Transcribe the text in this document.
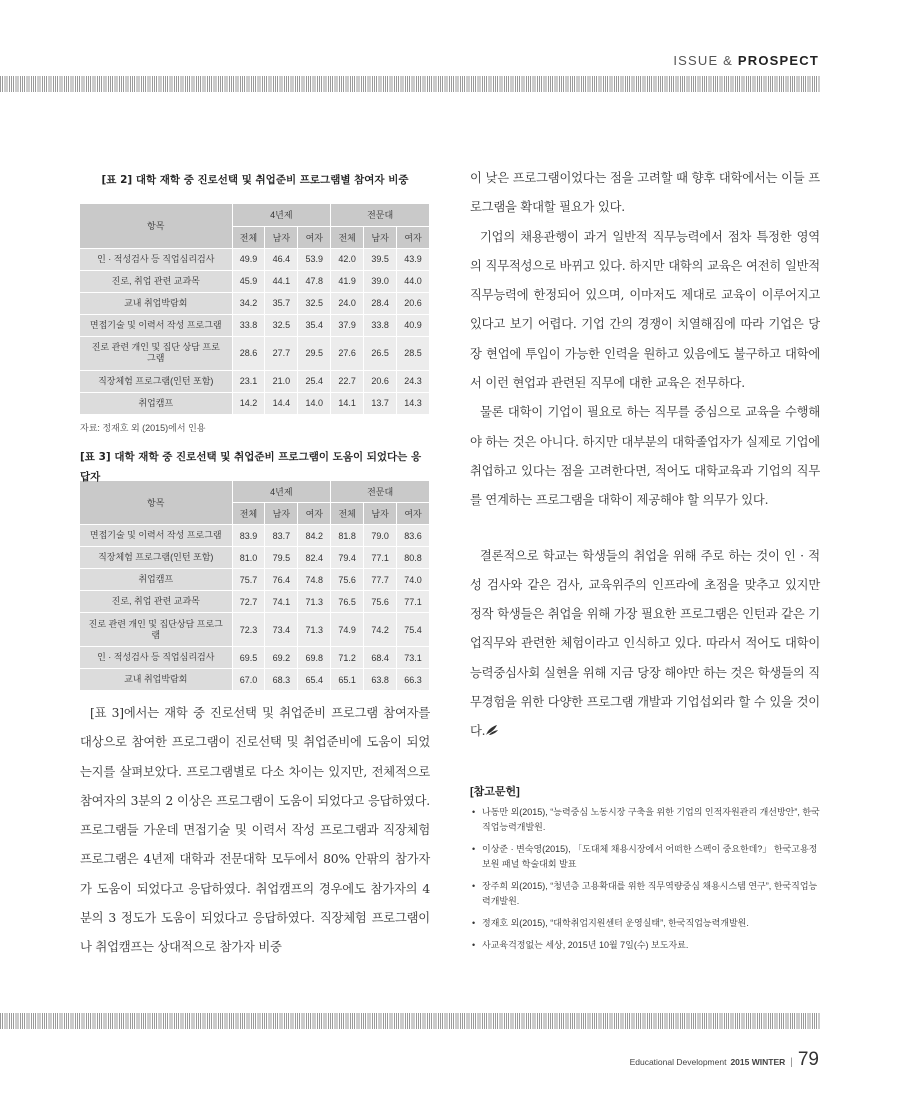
ISSUE & PROSPECT
[표 2] 대학 재학 중 진로선택 및 취업준비 프로그램별 참여자 비중
항목	4년제			전문대		
	전체	남자	여자	전체	남자	여자
인 · 적성검사 등 직업심리검사	49.9	46.4	53.9	42.0	39.5	43.9
진로, 취업 관련 교과목	45.9	44.1	47.8	41.9	39.0	44.0
교내 취업박람회	34.2	35.7	32.5	24.0	28.4	20.6
면접기술 및 이력서 작성 프로그램	33.8	32.5	35.4	37.9	33.8	40.9
진로 관련 개인 및 집단 상담 프로그램	28.6	27.7	29.5	27.6	26.5	28.5
직장체험 프로그램(인턴 포함)	23.1	21.0	25.4	22.7	20.6	24.3
취업캠프	14.2	14.4	14.0	14.1	13.7	14.3
자료: 정재호 외 (2015)에서 인용
[표 3] 대학 재학 중 진로선택 및 취업준비 프로그램이 도움이 되었다는 응답자
항목	4년제			전문대		
	전체	남자	여자	전체	남자	여자
면접기술 및 이력서 작성 프로그램	83.9	83.7	84.2	81.8	79.0	83.6
직장체험 프로그램(인턴 포함)	81.0	79.5	82.4	79.4	77.1	80.8
취업캠프	75.7	76.4	74.8	75.6	77.7	74.0
진로, 취업 관련 교과목	72.7	74.1	71.3	76.5	75.6	77.1
진로 관련 개인 및 집단상담 프로그램	72.3	73.4	71.3	74.9	74.2	75.4
인 · 적성검사 등 직업심리검사	69.5	69.2	69.8	71.2	68.4	73.1
교내 취업박람회	67.0	68.3	65.4	65.1	63.8	66.3

[표 3]에서는 재학 중 진로선택 및 취업준비 프로그램 참여자를 대상으로 참여한 프로그램이 진로선택 및 취업준비에 도움이 되었는지를 살펴보았다. 프로그램별로 다소 차이는 있지만, 전체적으로 참여자의 3분의 2 이상은 프로그램이 도움이 되었다고 응답하였다. 프로그램들 가운데 면접기술 및 이력서 작성 프로그램과 직장체험 프로그램은 4년제 대학과 전문대학 모두에서 80% 안팎의 참가자가 도움이 되었다고 응답하였다. 취업캠프의 경우에도 참가자의 4분의 3 정도가 도움이 되었다고 응답하였다. 직장체험 프로그램이나 취업캠프는 상대적으로 참가자 비중

이 낮은 프로그램이었다는 점을 고려할 때 향후 대학에서는 이들 프로그램을 확대할 필요가 있다.

기업의 채용관행이 과거 일반적 직무능력에서 점차 특정한 영역의 직무적성으로 바뀌고 있다. 하지만 대학의 교육은 여전히 일반적 직무능력에 한정되어 있으며, 이마저도 제대로 교육이 이루어지고 있다고 보기 어렵다. 기업 간의 경쟁이 치열해짐에 따라 기업은 당장 현업에 투입이 가능한 인력을 원하고 있음에도 불구하고 대학에서 이런 현업과 관련된 직무에 대한 교육은 전무하다.

물론 대학이 기업이 필요로 하는 직무를 중심으로 교육을 수행해야 하는 것은 아니다. 하지만 대부분의 대학졸업자가 실제로 기업에 취업하고 있다는 점을 고려한다면, 적어도 대학교육과 기업의 직무를 연계하는 프로그램을 대학이 제공해야 할 의무가 있다.

결론적으로 학교는 학생들의 취업을 위해 주로 하는 것이 인 · 적성 검사와 같은 검사, 교육위주의 인프라에 초점을 맞추고 있지만 정작 학생들은 취업을 위해 가장 필요한 프로그램은 인턴과 같은 기업직무와 관련한 체험이라고 인식하고 있다. 따라서 적어도 대학이 능력중심사회 실현을 위해 지금 당장 해야만 하는 것은 학생들의 직무경험을 위한 다양한 프로그램 개발과 기업섭외라 할 수 있을 것이다.

[참고문헌]
• 나동만 외(2015), “능력중심 노동시장 구축을 위한 기업의 인적자원관리 개선방안”, 한국직업능력개발원.
• 이상준 · 변숙영(2015), 「도대체 채용시장에서 어떠한 스펙이 중요한데?」 한국고용정보원 패널 학술대회 발표
• 장주희 외(2015), “청년층 고용확대를 위한 직무역량중심 채용시스템 연구”, 한국직업능력개발원.
• 정재호 외(2015), “대학취업지원센터 운영실태”, 한국직업능력개발원.
• 사교육걱정없는 세상, 2015년 10월 7일(수) 보도자료.
Educational Development 2015 WINTER | 79
